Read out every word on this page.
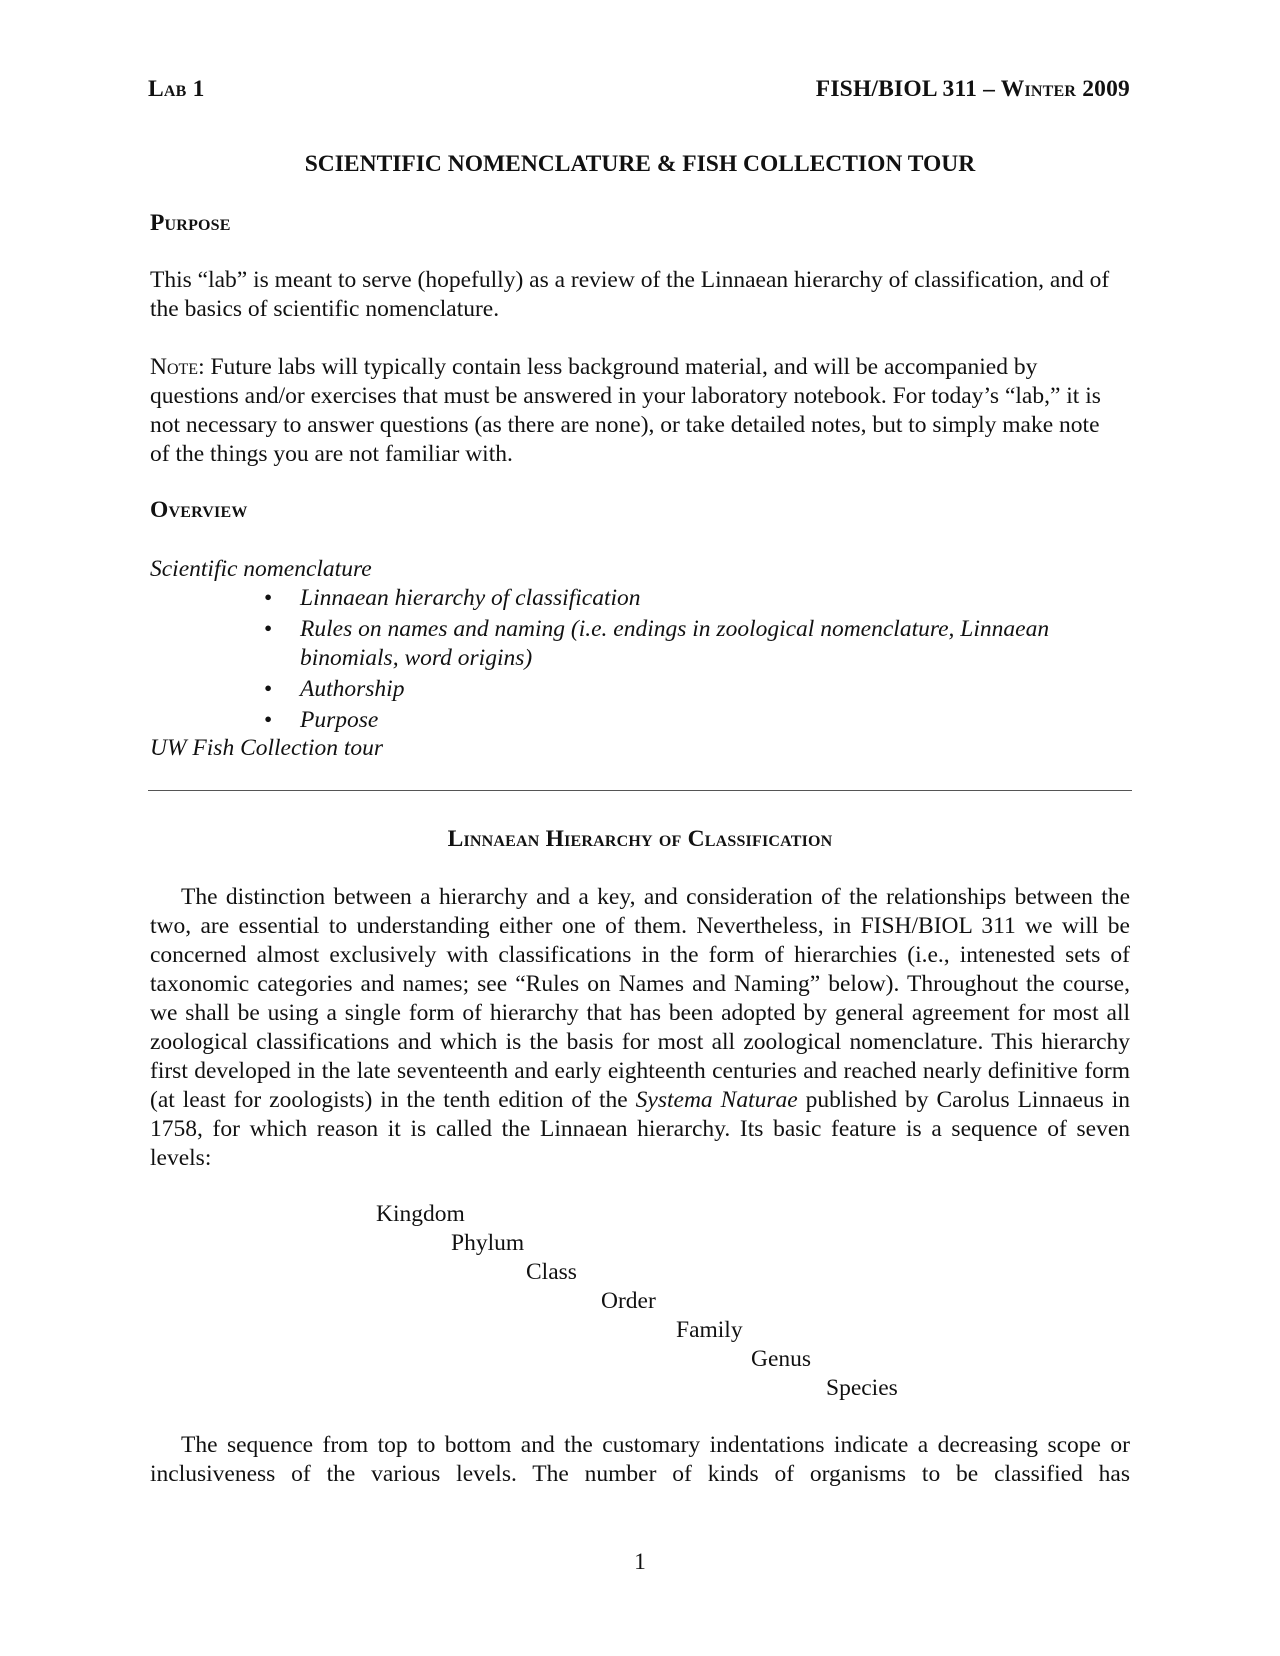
Lab 1	FISH/BIOL 311 – Winter 2009
SCIENTIFIC NOMENCLATURE & FISH COLLECTION TOUR
Purpose

This “lab” is meant to serve (hopefully) as a review of the Linnaean hierarchy of classification, and of the basics of scientific nomenclature.

Note: Future labs will typically contain less background material, and will be accompanied by questions and/or exercises that must be answered in your laboratory notebook. For today’s “lab,” it is not necessary to answer questions (as there are none), or take detailed notes, but to simply make note of the things you are not familiar with.

Overview
Scientific nomenclature
• Linnaean hierarchy of classification
• Rules on names and naming (i.e. endings in zoological nomenclature, Linnaean binomials, word origins)
• Authorship
• Purpose
UW Fish Collection tour
Linnaean Hierarchy of Classification

The distinction between a hierarchy and a key, and consideration of the relationships between the two, are essential to understanding either one of them. Nevertheless, in FISH/BIOL 311 we will be concerned almost exclusively with classifications in the form of hierarchies (i.e., intenested sets of taxonomic categories and names; see “Rules on Names and Naming” below). Throughout the course, we shall be using a single form of hierarchy that has been adopted by general agreement for most all zoological classifications and which is the basis for most all zoological nomenclature. This hierarchy first developed in the late seventeenth and early eighteenth centuries and reached nearly definitive form (at least for zoologists) in the tenth edition of the Systema Naturae published by Carolus Linnaeus in 1758, for which reason it is called the Linnaean hierarchy. Its basic feature is a sequence of seven levels:

Kingdom
Phylum
Class
Order
Family
Genus
Species

The sequence from top to bottom and the customary indentations indicate a decreasing scope or inclusiveness of the various levels. The number of kinds of organisms to be classified has

1
